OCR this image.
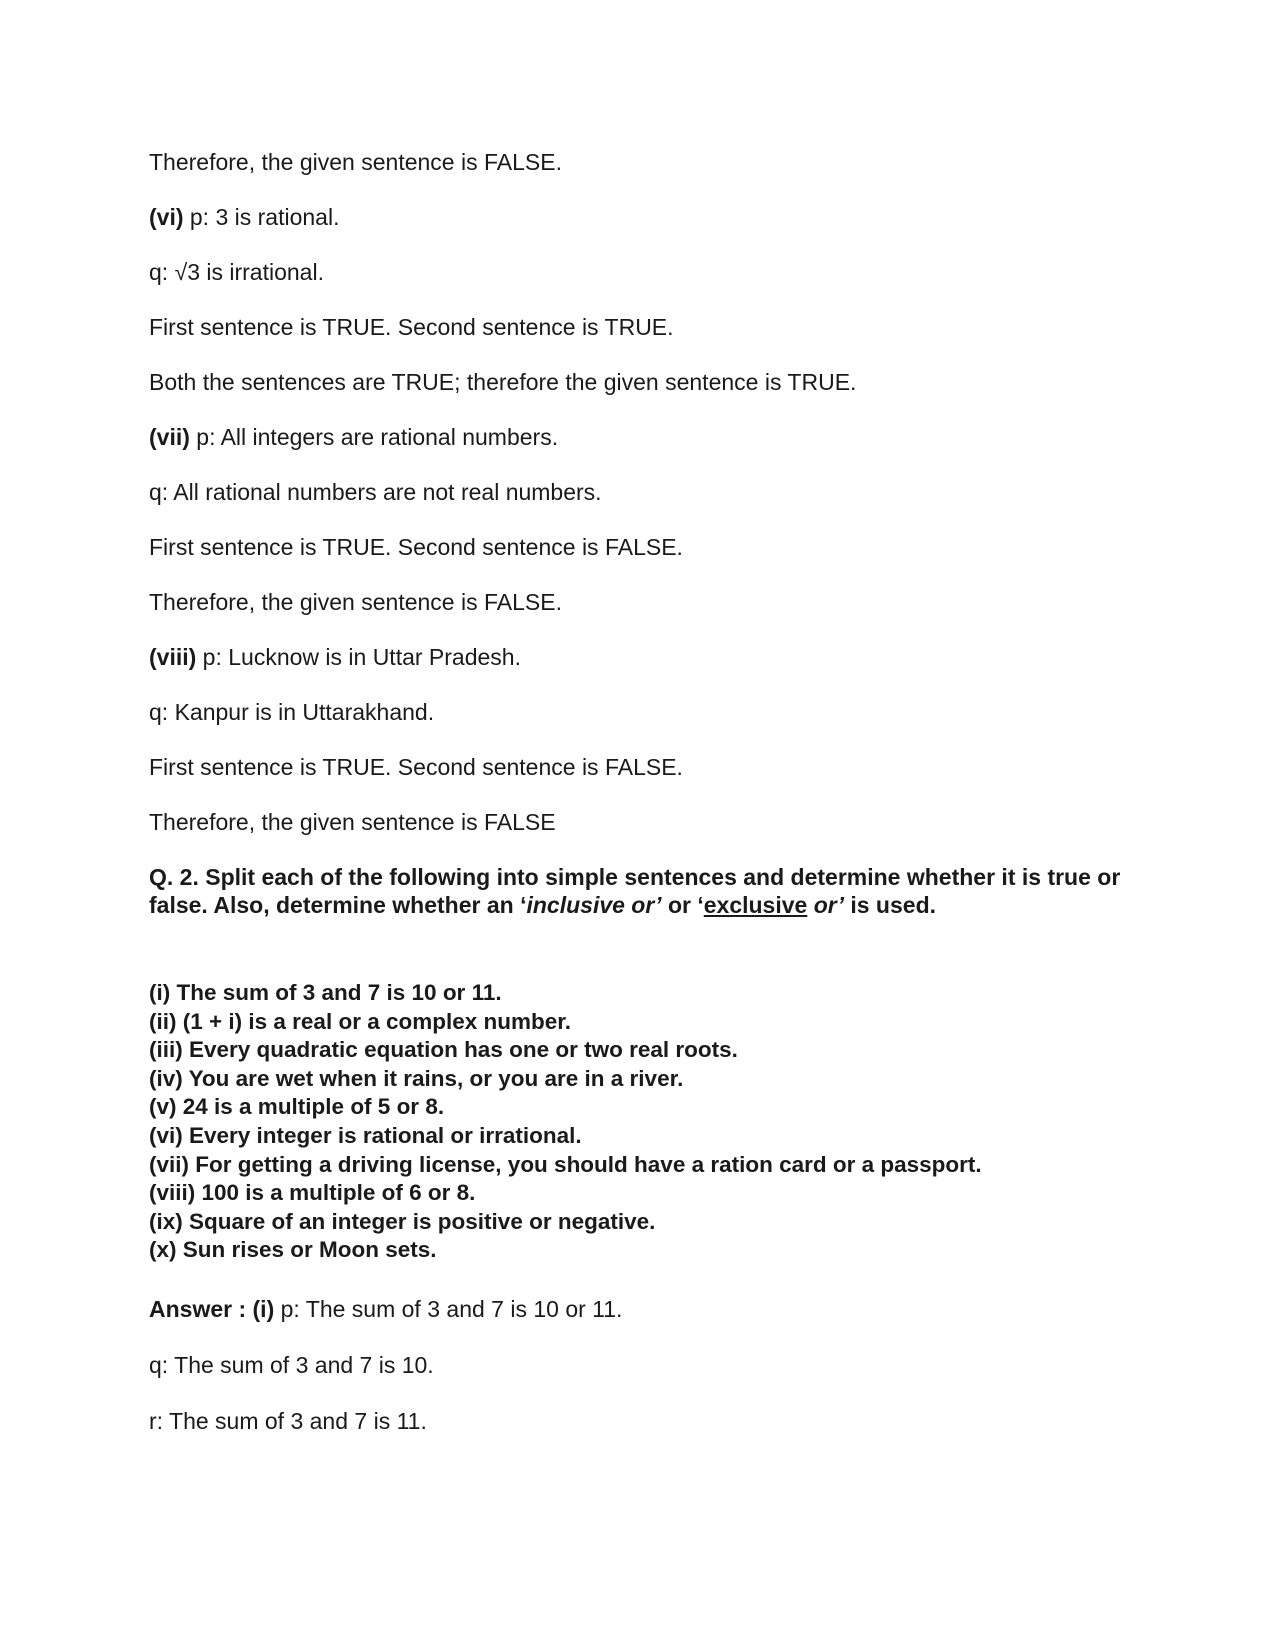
Therefore, the given sentence is FALSE.
(vi) p: 3 is rational.
q: √3 is irrational.
First sentence is TRUE. Second sentence is TRUE.
Both the sentences are TRUE; therefore the given sentence is TRUE.
(vii) p: All integers are rational numbers.
q: All rational numbers are not real numbers.
First sentence is TRUE. Second sentence is FALSE.
Therefore, the given sentence is FALSE.
(viii) p: Lucknow is in Uttar Pradesh.
q: Kanpur is in Uttarakhand.
First sentence is TRUE. Second sentence is FALSE.
Therefore, the given sentence is FALSE
Q. 2. Split each of the following into simple sentences and determine whether it is true or false. Also, determine whether an ‘inclusive or’ or ‘exclusive or’ is used.
(i) The sum of 3 and 7 is 10 or 11.
(ii) (1 + i) is a real or a complex number.
(iii) Every quadratic equation has one or two real roots.
(iv) You are wet when it rains, or you are in a river.
(v) 24 is a multiple of 5 or 8.
(vi) Every integer is rational or irrational.
(vii) For getting a driving license, you should have a ration card or a passport.
(viii) 100 is a multiple of 6 or 8.
(ix) Square of an integer is positive or negative.
(x) Sun rises or Moon sets.
Answer : (i) p: The sum of 3 and 7 is 10 or 11.
q: The sum of 3 and 7 is 10.
r: The sum of 3 and 7 is 11.
